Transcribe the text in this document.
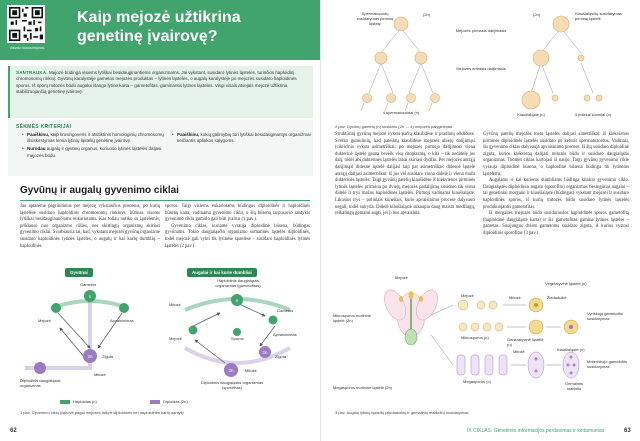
Vaizdo klausimynas
Kaip mejozė užtikrina genetinę įvairovę?

SANTRAUKA. Mejozė būdinga visiems lytiškai besidauginantiems organizmams. Jai vykstant, susidaro lytinės ląstelės, turinčios haploidinį chromosomų rinkinį. Gyvūnų karalystėje gametos mejozės produktas – lytinės ląstelės, o augalų karalystėje po mejozės susidaro haploidinės sporos. Iš sporų mitozės būdu augalui išauga lytinė karta – gametofitas, gaminantis lytines ląsteles. Visgi visais atvejais mejozė užtikrina stabilizuojančią genetinę įvairovę.

SĖKMĖS KRITERIJAI
• Paaiškinu, kaip krosingoveris ir atsitiktinis homologinių chromosomų išsiskirstymas lemia lytinių ląstelių genetinę įvairovę.
• Nurodau augalų ir gyvūnų organus, kuriuose lytinės ląstelės daljasi mejozės būdu.
• Paaiškinu, kokių galimybių turi lytiškai besidauginantys organizmai keičiantis aplinkos sąlygoms.
Gyvūnų ir augalų gyvenimo ciklai

Jau aptarėme pagrindinius per mejozę vykstančius procesus, po kurių ląstelėse susidaro haploidinis chromosomų rinkinys, būtinas visoms lytiškai besidauginančioms eukariotams. Kas toliau nutiko su ląstelėmis, priklauso nuo organizmo rūšies, nes skirtingų organizmų skiriasi gyvenimo ciklai. Svarbiausia tai, kad, vykstant mejozei gyvūnų organizme susidaro haploidinės lytinės ląstelės, o augalų ir kai kurių dumblių – haploidinės

sporos. Taigi visiems eukariotams būdingos diploidinės ir haploidinės būsenų kaita, vadinama gyvenimo ciklu, o šių būsenų tarpusavio santykis gyvenimo ciklo gumulo gali būti įvairus (1 pav.).

Gyvenimo ciklas, kuriame vyrauja diploidinė būsena, būdingas gyvūnams. Tokio daugialąsčio organizmo somatinės ląstelės diploidinės, todėl mejozė gali vykti tik lytinėse ląstelėse – susidaro haploidinės lytinės ląstelės (2 pav.).

Gyvūnai
n
2n
Gametos
Mejozė	Apvaisinimas
Zigota
Mitozė
Diploidinis daugialąstis organizmas
Augalai ir kai kurie dumbliai
n
2n
2n
Haploidinis daugialąstis organizmas (gametofitas)
Gametos
Mitozė
Sporos
Mejozė
Apvaisinimas
Zigota
Mitozė
Diploidinis daugialąstis organizmas (sporofitas)
Haploidas (n)	Diploidas (2n)
1 pav. Gyvenimo ciklų įvairovė pagal mejozės laikytr diploidinės bei haploidinės kartų santykį
62
Spermatozoidų susidarymas pirminę ląstelę
(2n)	(2n)	Kiaušialąsčių susidarymas pirminę ląstelė
Mejozės pirmasis dalijimasis
Mejozės antrasis dalijimasis
4 spermatozoidai (n)	Kiaušialąstė (n)	3 poliniai kūneliai (n)
2 pav. Gyvūnų gametų (n) susidaro (2n → 4) mejozės palyginimas

Struktūrinį gyvūnų mejozė vyksta pačių kiaušidėse ir pradinių sėklidose. Sveiko gumulinių, kad pateiktų kiaušidėse mejozės abiejų dalijimųsi (ciklicinis vyksta asimetriškai: po mejozės pirmojo dalijimosi viena dukterinė ląstelė gauna beveik visą citoplazmą, o kita – tik nedidelę jos dalį, todėl abi dukterinės ląstelės labai skiriasi dydžiu. Per mejozės antrąjį dalijimąsi didesnė ląstelė dalijasi taip pat asimetriškai: didesnė ląstelė antrąjį dalijasi asimetriškai: iš jos vėl susidaro viena didelė ir viena maža dukterinės ląstelės. Taigi gyvūnų patelių kiaušidėse iš kiekvienos pirminės lytinės ląstelės prirmina po dviejų mejozės padalijimų susidaro tik viena didelė ir trys mažos haploidinės ląstelės. Pirmoji vadinama kiaušialąste. Likusios trys – poliniais kūneliais, kurie apvaisinimo procese dalyvauti negali, todėl suiryda. Didelė kiaušialąstė sukaupia daug maisto medžiagų, reikalingų gemalui augti, jei ji bus apvaisinta.

Gyvūnų patelių mejozės metu ląstelės dalijasi simetriškai: iš kiekvienos pirminės diploidinės ląstelės susidaro po keturis spermatozoidus. Vadinasi, šis gyvenimo ciklas dalyvauja apvaisinimo procese. Iš šių susidaro diploidinė zigota, kurios kiekvieną dalijasi mitozės būdu ir susidaro daugialąstis organizmas. Tuomet ciklas kartojasi iš naujo. Taigi gyvūnų gyvenimo cikle vyrauja diploidinė būsena, o haploidinė būsena būdinga tik lytinėms ląstelėms.

Augalams ir kai kuriems dumbliams būdinga kitokio gyvenimo ciklo. Daugialąstės diploidinio augalo (sporofito) organizmas tiesioginiai augalai – tai genetiniai morgano ir kiaušialąstė (būdingas) vykstant mejozei ir susidaro haploidinės sporos, iš kurių mitozės būdu susidaro lytinės ląstelės produkuojantis gametofitas.

Iš mergaitės mejozės būdo susidariusios haploidinės sporos gametofitą (haploidinė daugialąstė karta) ir šis gametofitas gamina lytines ląsteles – gametas. Susijungus dviem gametoms susidaro zigota, iš kurios vystosi diploidinis sporofitas (3 pav.).

Mejozė
Mikrosporos motininė ląstelė (2n)
Mejozė
Mikrosporos (n)
Mitozė
Generatyvinė ląstelė (n)
Žiedadulkė
Vegetatyvinė ląstelė (n)
Vyriškojo gametofito susidarymas
Megasporos motininė ląstelė (2n)
Megasporos (n)
Mitozė	Kiaušialąstė (n)
Moteriškojo gametofito susidarymas
Gemalinis maišelis
3 pav. Augalų lytinių ląstelių (žiedadulkių ir gemalinio maišelio) susidarymas
IX CIKLAS. Genetinės informacijos perdavimas ir kintamumas	63
